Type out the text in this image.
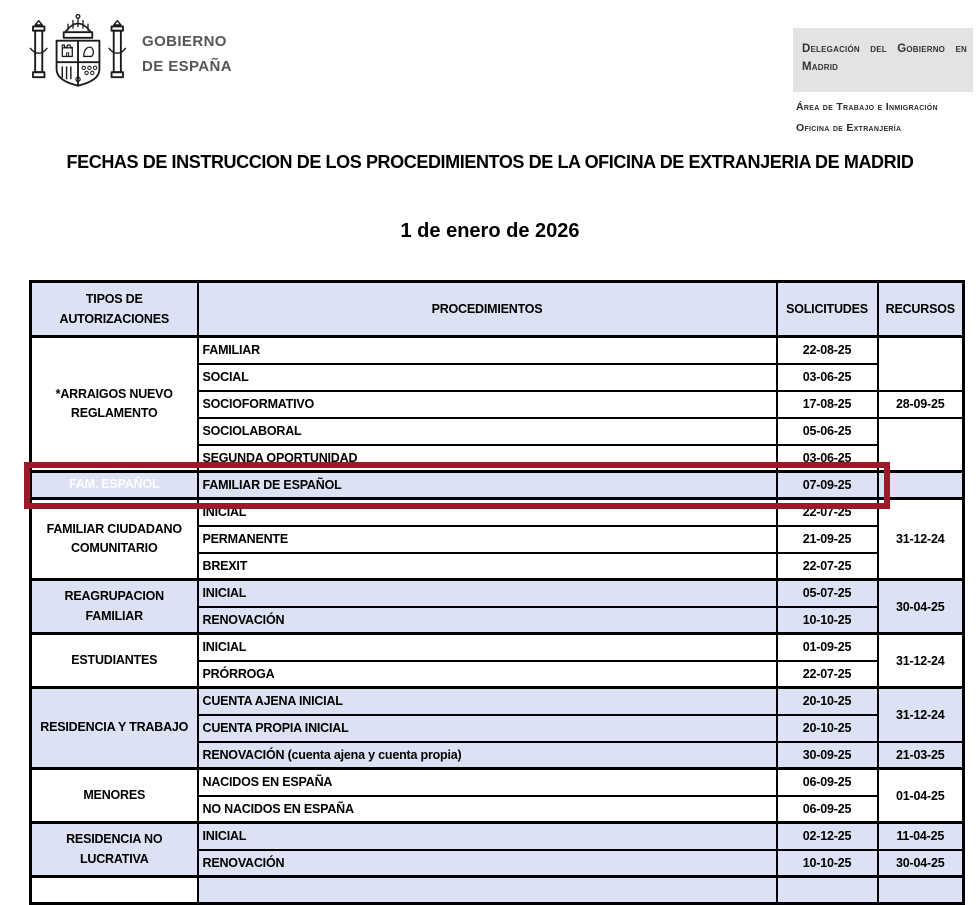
GOBIERNO
DE ESPAÑA
Delegación del Gobierno en Madrid
Área de Trabajo e Inmigración
Oficina de Extranjería
FECHAS DE INSTRUCCION DE LOS PROCEDIMIENTOS DE LA OFICINA DE EXTRANJERIA DE MADRID
1 de enero de 2026
TIPOS DE AUTORIZACIONES	PROCEDIMIENTOS	SOLICITUDES	RECURSOS
*ARRAIGOS NUEVO REGLAMENTO	FAMILIAR	22-08-25	
	SOCIAL	03-06-25	
	SOCIOFORMATIVO	17-08-25	28-09-25
	SOCIOLABORAL	05-06-25	
	SEGUNDA OPORTUNIDAD	03-06-25	
FAM. ESPAÑOL	FAMILIAR DE ESPAÑOL	07-09-25	
FAMILIAR CIUDADANO COMUNITARIO	INICIAL	22-07-25	31-12-24
	PERMANENTE	21-09-25	
	BREXIT	22-07-25	
REAGRUPACION FAMILIAR	INICIAL	05-07-25	30-04-25
	RENOVACIÓN	10-10-25	
ESTUDIANTES	INICIAL	01-09-25	31-12-24
	PRÓRROGA	22-07-25	
RESIDENCIA Y TRABAJO	CUENTA AJENA INICIAL	20-10-25	31-12-24
	CUENTA PROPIA INICIAL	20-10-25	
	RENOVACIÓN (cuenta ajena y cuenta propia)	30-09-25	21-03-25
MENORES	NACIDOS EN ESPAÑA	06-09-25	01-04-25
	NO NACIDOS EN ESPAÑA	06-09-25	
RESIDENCIA NO LUCRATIVA	INICIAL	02-12-25	11-04-25
	RENOVACIÓN	10-10-25	30-04-25
